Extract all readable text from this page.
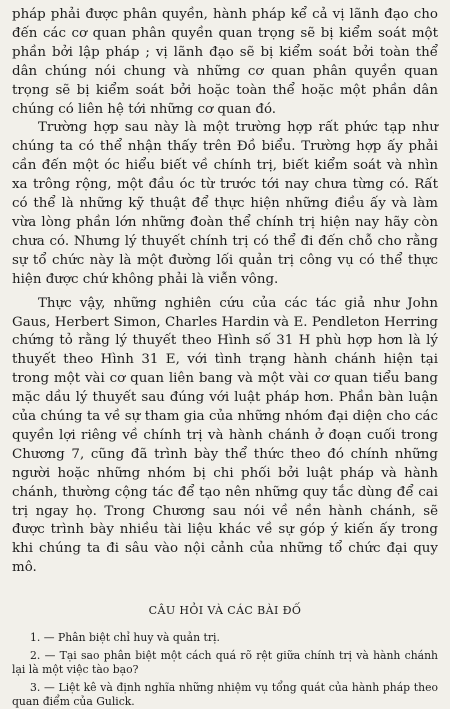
pháp phải được phân quyền, hành pháp kể cả vị lãnh đạo cho đến các cơ quan phân quyền quan trọng sẽ bị kiểm soát một phần bởi lập pháp ; vị lãnh đạo sẽ bị kiểm soát bởi toàn thể dân chúng nói chung và những cơ quan phân quyền quan trọng sẽ bị kiểm soát bởi hoặc toàn thể hoặc một phần dân chúng có liên hệ tới những cơ quan đó.

Trường hợp sau này là một trường hợp rất phức tạp như chúng ta có thể nhận thấy trên Đồ biểu. Trường hợp ấy phải cần đến một óc hiểu biết về chính trị, biết kiểm soát và nhìn xa trông rộng, một đầu óc từ trước tới nay chưa từng có. Rất có thể là những kỹ thuật để thực hiện những điều ấy và làm vừa lòng phần lớn những đoàn thể chính trị hiện nay hãy còn chưa có. Nhưng lý thuyết chính trị có thể đi đến chỗ cho rằng sự tổ chức này là một đường lối quản trị công vụ có thể thực hiện được chứ không phải là viễn vông.

Thực vậy, những nghiên cứu của các tác giả như John Gaus, Herbert Simon, Charles Hardin và E. Pendleton Herring chứng tỏ rằng lý thuyết theo Hình số 31 H phù hợp hơn là lý thuyết theo Hình 31 E, với tình trạng hành chánh hiện tại trong một vài cơ quan liên bang và một vài cơ quan tiểu bang mặc dầu lý thuyết sau đúng với luật pháp hơn. Phần bàn luận của chúng ta về sự tham gia của những nhóm đại diện cho các quyền lợi riêng về chính trị và hành chánh ở đoạn cuối trong Chương 7, cũng đã trình bày thể thức theo đó chính những người hoặc những nhóm bị chi phối bởi luật pháp và hành chánh, thường cộng tác để tạo nên những quy tắc dùng để cai trị ngay họ. Trong Chương sau nói về nền hành chánh, sẽ được trình bày nhiều tài liệu khác về sự góp ý kiến ấy trong khi chúng ta đi sâu vào nội cảnh của những tổ chức đại quy mô.

CÂU HỎI VÀ CÁC BÀI ĐỐ

1. — Phân biệt chỉ huy và quản trị.

2. — Tại sao phân biệt một cách quá rõ rệt giữa chính trị và hành chánh lại là một việc tào bạo?

3. — Liệt kê và định nghĩa những nhiệm vụ tổng quát của hành pháp theo quan điểm của Gulick.
